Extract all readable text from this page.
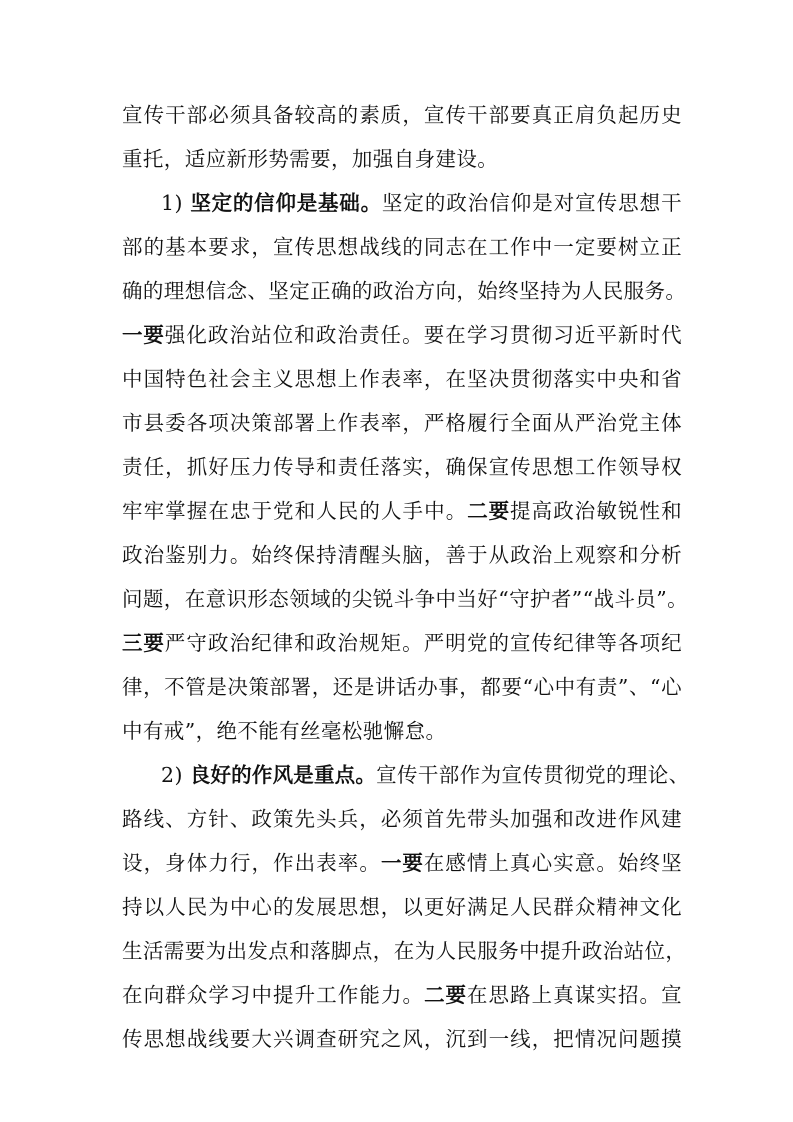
宣传干部必须具备较高的素质，宣传干部要真正肩负起历史
重托，适应新形势需要，加强自身建设。
1) 坚定的信仰是基础。坚定的政治信仰是对宣传思想干
部的基本要求，宣传思想战线的同志在工作中一定要树立正
确的理想信念、坚定正确的政治方向，始终坚持为人民服务。
一要强化政治站位和政治责任。要在学习贯彻习近平新时代
中国特色社会主义思想上作表率，在坚决贯彻落实中央和省
市县委各项决策部署上作表率，严格履行全面从严治党主体
责任，抓好压力传导和责任落实，确保宣传思想工作领导权
牢牢掌握在忠于党和人民的人手中。二要提高政治敏锐性和
政治鉴别力。始终保持清醒头脑，善于从政治上观察和分析
问题，在意识形态领域的尖锐斗争中当好“守护者”“战斗员”。
三要严守政治纪律和政治规矩。严明党的宣传纪律等各项纪
律，不管是决策部署，还是讲话办事，都要“心中有责”、“心
中有戒”，绝不能有丝毫松驰懈怠。
2) 良好的作风是重点。宣传干部作为宣传贯彻党的理论、
路线、方针、政策先头兵，必须首先带头加强和改进作风建
设，身体力行，作出表率。一要在感情上真心实意。始终坚
持以人民为中心的发展思想，以更好满足人民群众精神文化
生活需要为出发点和落脚点，在为人民服务中提升政治站位，
在向群众学习中提升工作能力。二要在思路上真谋实招。宣
传思想战线要大兴调查研究之风，沉到一线，把情况问题摸
